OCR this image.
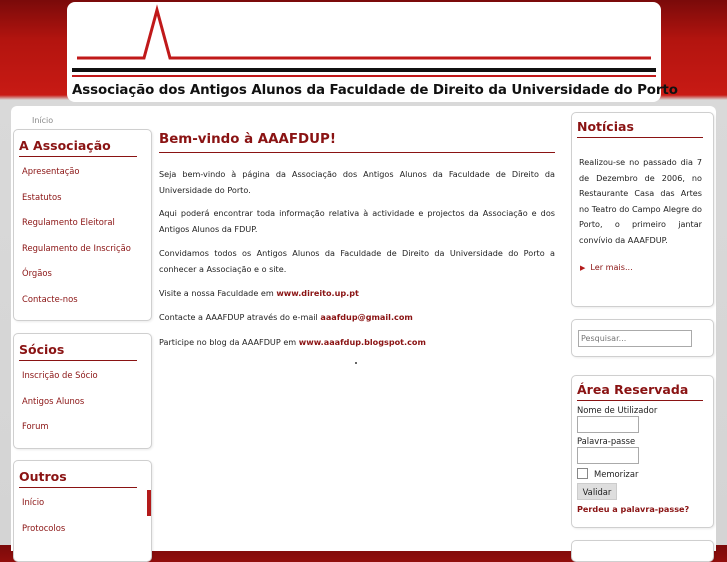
Associação dos Antigos Alunos da Faculdade de Direito da Universidade do Porto
Início
A Associação
Apresentação
Estatutos
Regulamento Eleitoral
Regulamento de Inscrição
Órgãos
Contacte-nos
Sócios
Inscrição de Sócio
Antigos Alunos
Forum
Outros
Início
Protocolos
Bem-vindo à AAAFDUP!

Seja bem-vindo à página da Associação dos Antigos Alunos da Faculdade de Direito da Universidade do Porto.

Aqui poderá encontrar toda informação relativa à actividade e projectos da Associação e dos Antigos Alunos da FDUP.

Convidamos todos os Antigos Alunos da Faculdade de Direito da Universidade do Porto a conhecer a Associação e o site.

Visite a nossa Faculdade em www.direito.up.pt

Contacte a AAAFDUP através do e-mail aaafdup@gmail.com

Participe no blog da AAAFDUP em www.aaafdup.blogspot.com

Notícias
Realizou-se no passado dia 7 de Dezembro de 2006, no Restaurante Casa das Artes no Teatro do Campo Alegre do Porto, o primeiro jantar convívio da AAAFDUP.
▶ Ler mais...
Pesquisar...
Área Reservada
Nome de Utilizador
Palavra-passe
Memorizar
Validar
Perdeu a palavra-passe?
